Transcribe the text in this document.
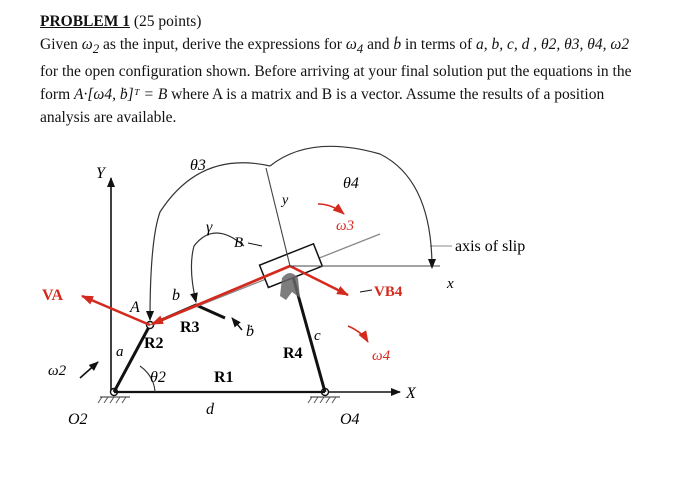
PROBLEM 1 (25 points)
Given $\omega_2$ as the input, derive the expressions for $\omega_4$ and · b in terms of a, b, c, d , θ2, θ3, θ4, ω2
for the open configuration shown. Before arriving at your final solution put the equations in the
form A·[ω4, ḃ]ᵀ = B where A is a matrix and B is a vector. Assume the results of a position
analysis are available.
Y
X
axis of slip
VA	VB4
y
x
θ3
γ
B
θ4
ω3
ω4
ω2
ḃ
θ2
A
b
R3
a R2
R4
c
R1
d
O2	O4
